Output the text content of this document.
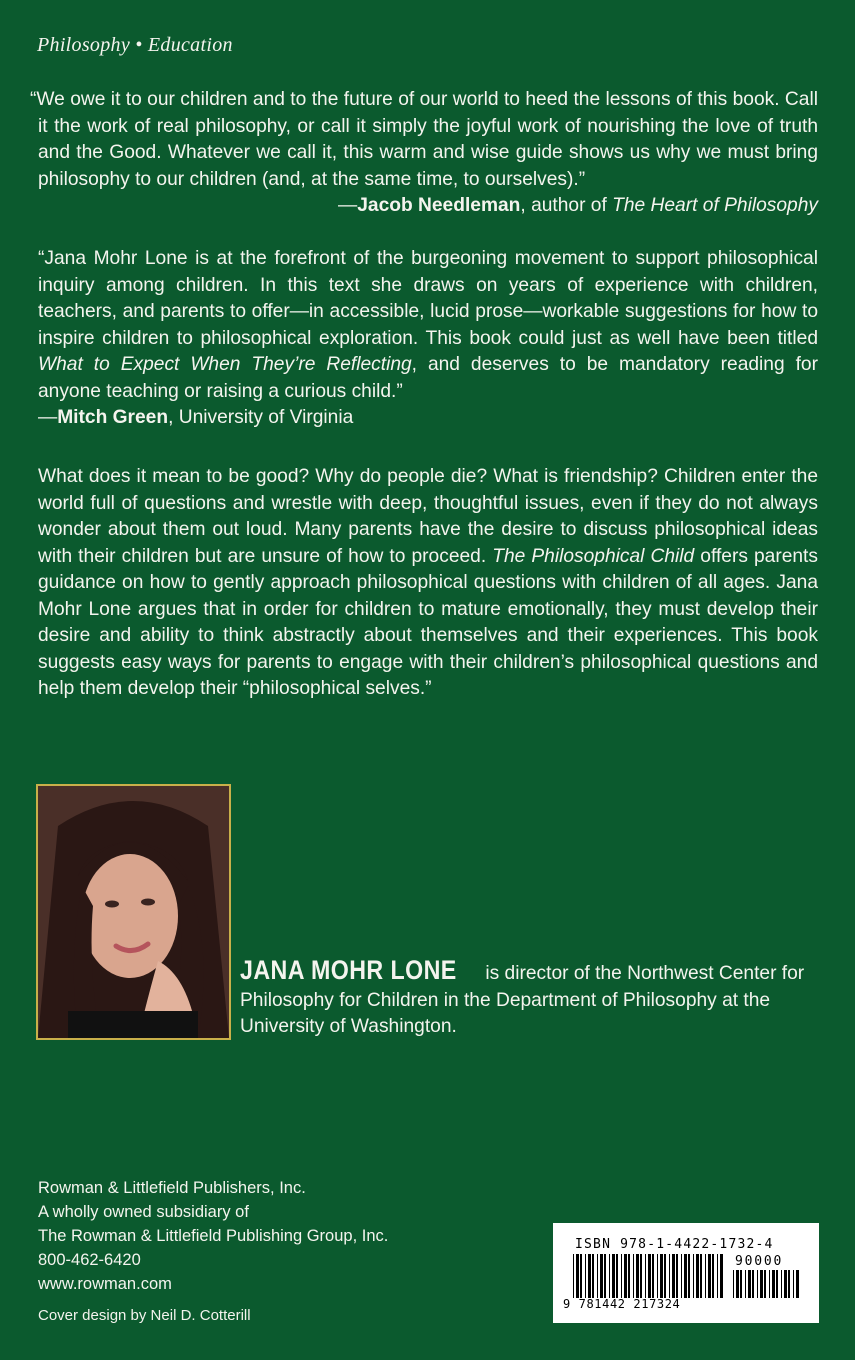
Philosophy • Education
“We owe it to our children and to the future of our world to heed the lessons of this book. Call it the work of real philosophy, or call it simply the joyful work of nourishing the love of truth and the Good. Whatever we call it, this warm and wise guide shows us why we must bring philosophy to our children (and, at the same time, to ourselves).”
—Jacob Needleman, author of The Heart of Philosophy
“Jana Mohr Lone is at the forefront of the burgeoning movement to support philosophical inquiry among children. In this text she draws on years of experience with children, teachers, and parents to offer—in accessible, lucid prose—workable suggestions for how to inspire children to philosophical exploration. This book could just as well have been titled What to Expect When They’re Reflecting, and deserves to be mandatory reading for anyone teaching or raising a curious child.”
—Mitch Green, University of Virginia
What does it mean to be good? Why do people die? What is friendship? Children enter the world full of questions and wrestle with deep, thoughtful issues, even if they do not always wonder about them out loud. Many parents have the desire to discuss philosophical ideas with their children but are unsure of how to proceed. The Philosophical Child offers parents guidance on how to gently approach philosophical questions with children of all ages. Jana Mohr Lone argues that in order for children to mature emotionally, they must develop their desire and ability to think abstractly about themselves and their experiences. This book suggests easy ways for parents to engage with their children’s philosophical questions and help them develop their “philosophical selves.”
JANA MOHR LONE is director of the Northwest Center for Philosophy for Children in the Department of Philosophy at the University of Washington.
Rowman & Littlefield Publishers, Inc.
A wholly owned subsidiary of
The Rowman & Littlefield Publishing Group, Inc.
800-462-6420
www.rowman.com
Cover design by Neil D. Cotterill
ISBN 978-1-4422-1732-4
90000
9 781442 217324
